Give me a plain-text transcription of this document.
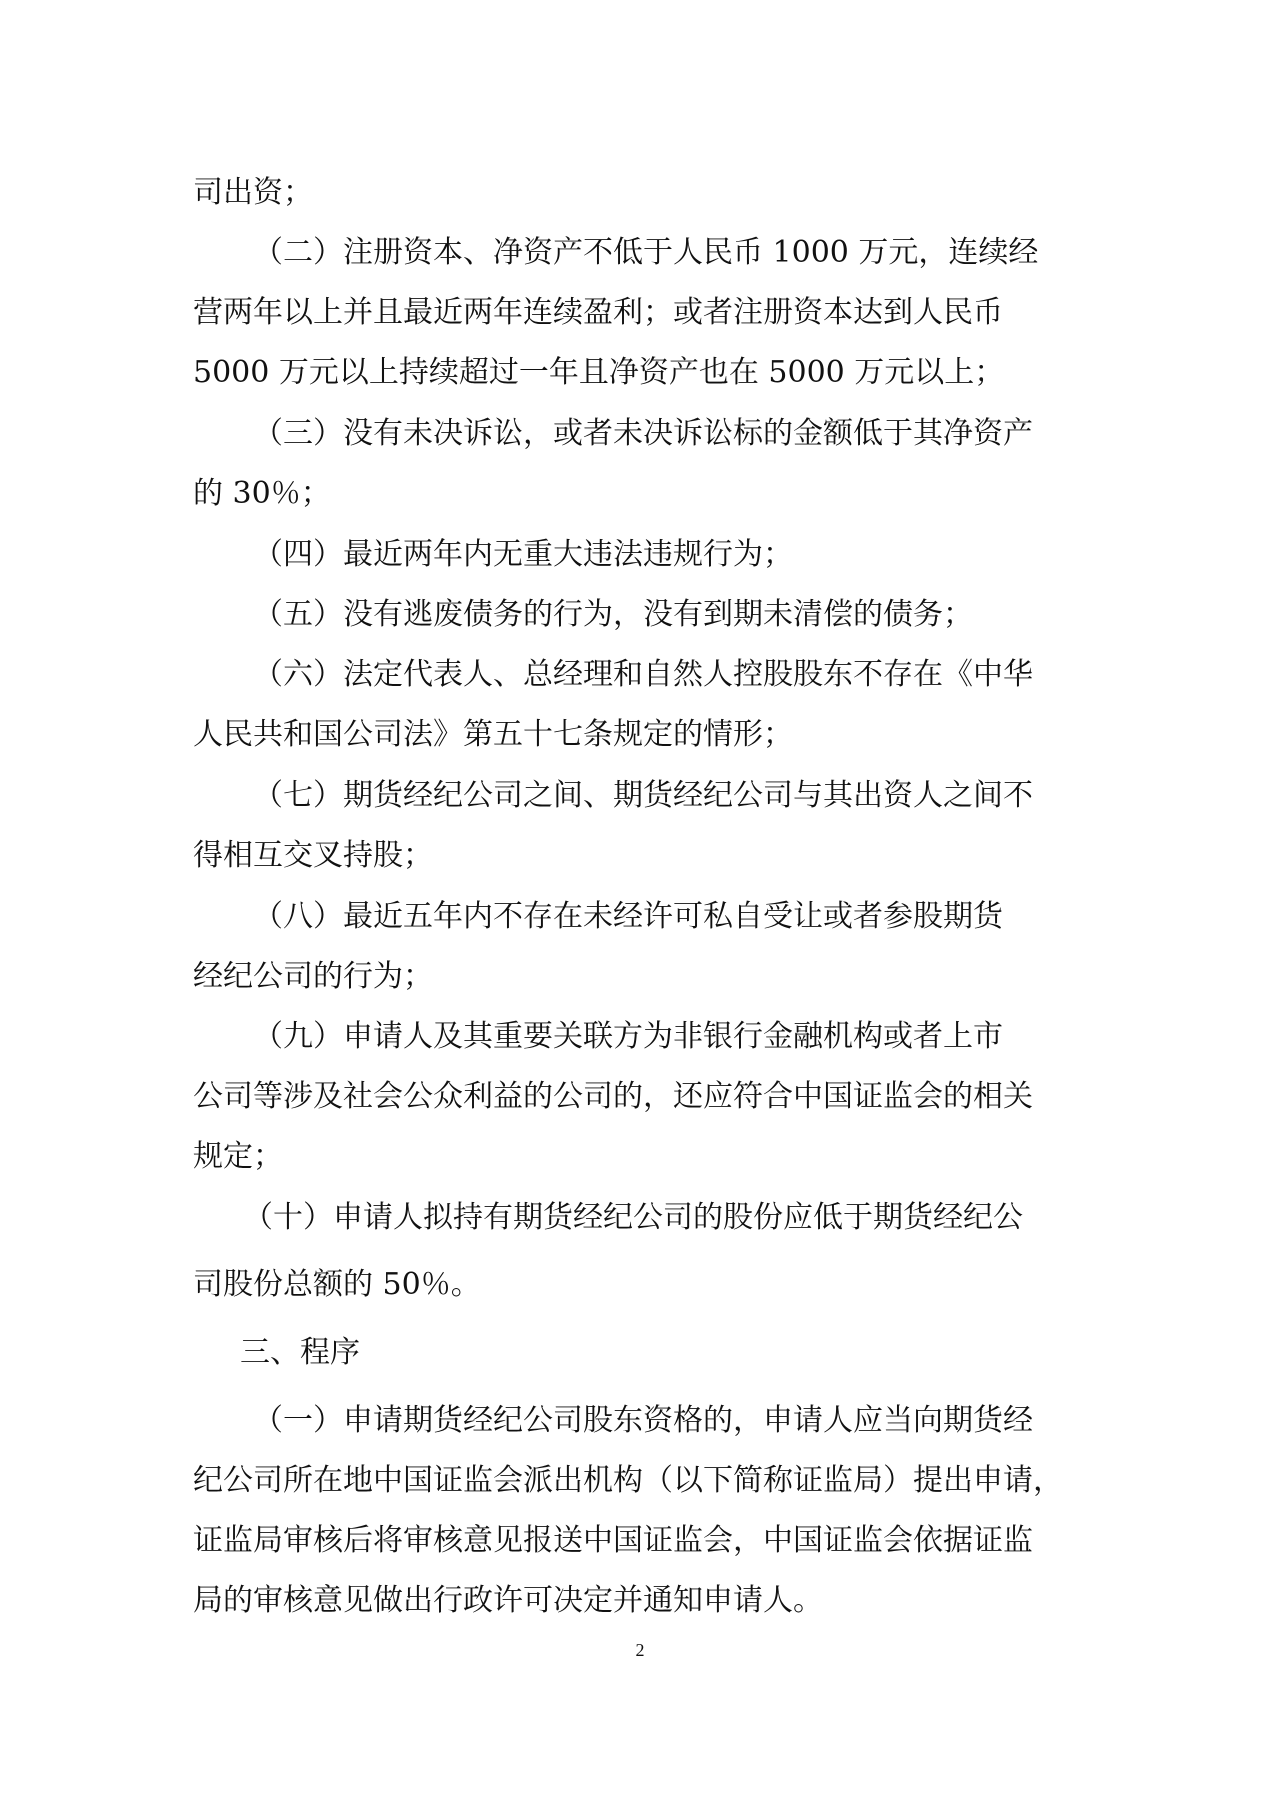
司出资；
（二）注册资本、净资产不低于人民币 1000 万元，连续经
营两年以上并且最近两年连续盈利；或者注册资本达到人民币
5000 万元以上持续超过一年且净资产也在 5000 万元以上；
（三）没有未决诉讼，或者未决诉讼标的金额低于其净资产
的 30％；
（四）最近两年内无重大违法违规行为；
（五）没有逃废债务的行为，没有到期未清偿的债务；
（六）法定代表人、总经理和自然人控股股东不存在《中华
人民共和国公司法》第五十七条规定的情形；
（七）期货经纪公司之间、期货经纪公司与其出资人之间不
得相互交叉持股；
（八）最近五年内不存在未经许可私自受让或者参股期货
经纪公司的行为；
（九）申请人及其重要关联方为非银行金融机构或者上市
公司等涉及社会公众利益的公司的，还应符合中国证监会的相关
规定；
（十）申请人拟持有期货经纪公司的股份应低于期货经纪公
司股份总额的 50％。
三、程序
（一）申请期货经纪公司股东资格的，申请人应当向期货经
纪公司所在地中国证监会派出机构（以下简称证监局）提出申请，
证监局审核后将审核意见报送中国证监会，中国证监会依据证监
局的审核意见做出行政许可决定并通知申请人。
2
